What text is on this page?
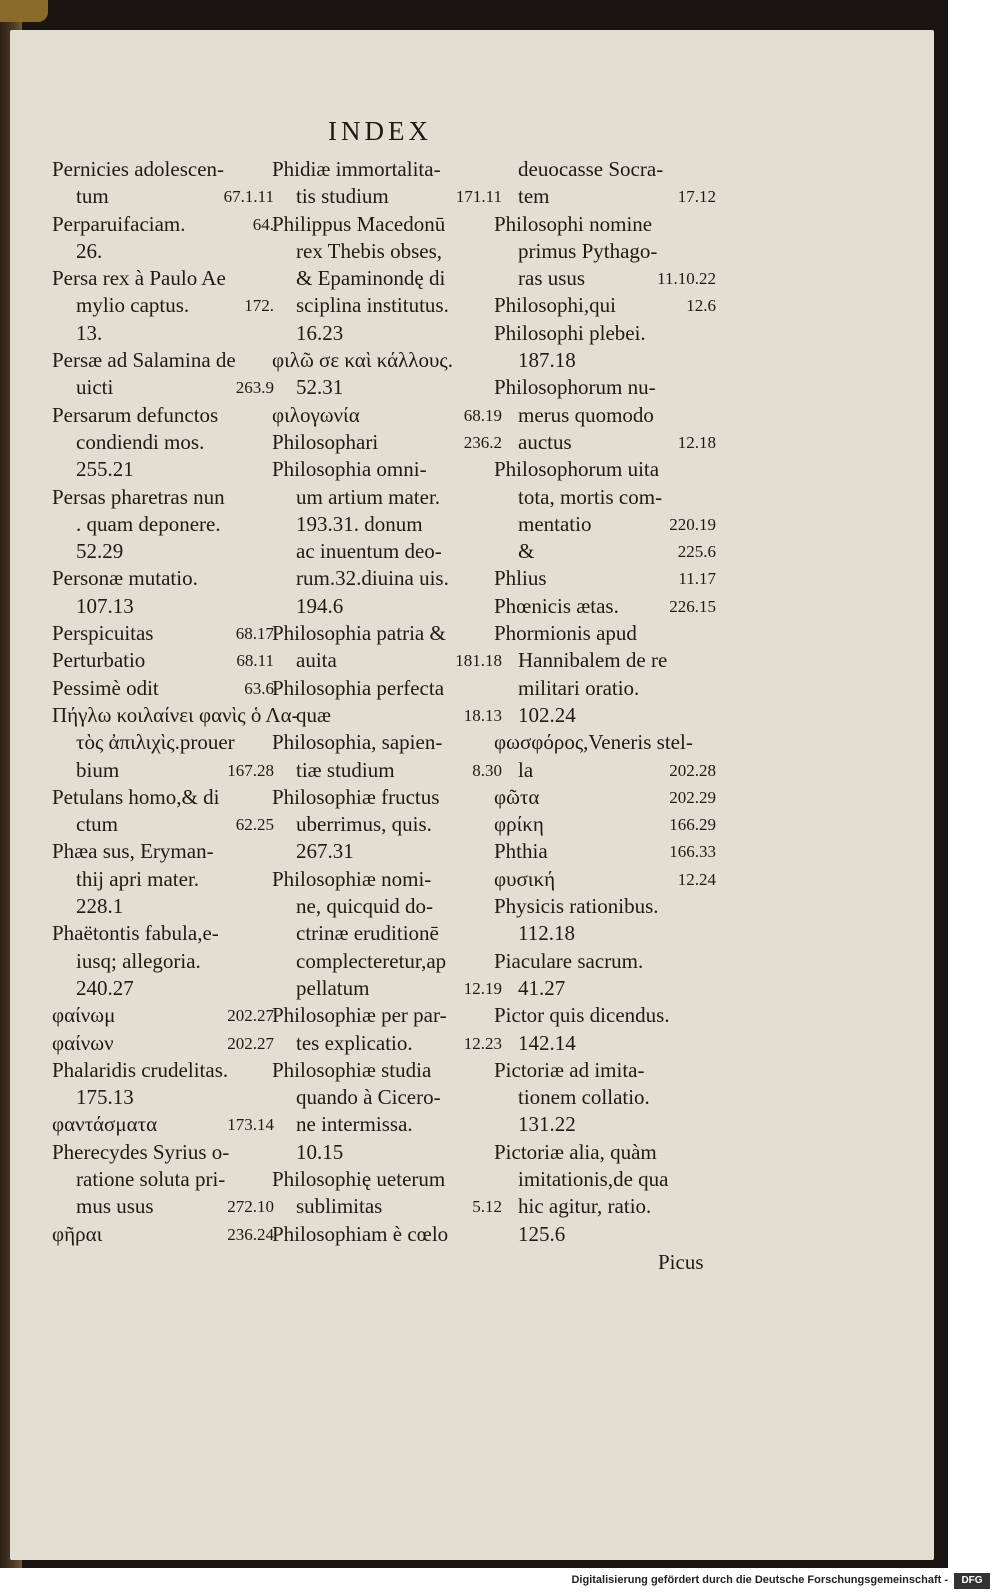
INDEX
Pernicies adolescen-
tum	67.1.11
Perparuifaciam.	64.
26.
Persa rex à Paulo Ae
mylio captus.	172.
13.
Persæ ad Salamina de
uicti	263.9
Persarum defunctos
condiendi mos.
255.21
Persas pharetras nun
. quam deponere.
52.29
Personæ mutatio.
107.13
Perspicuitas	68.17
Perturbatio	68.11
Pessimè odit	63.6
Πήγλω κοιλαίνει φανὶς ὁ Λα-
τὸς ἀπιλιχὶς.prouer
bium	167.28
Petulans homo,& di
ctum	62.25
Phæa sus, Eryman-
thij apri mater.
228.1
Phaëtontis fabula,e-
iusq; allegoria.
240.27
φαίνωμ	202.27
φαίνων	202.27
Phalaridis crudelitas.
175.13
φαντάσματα	173.14
Pherecydes Syrius o-
ratione soluta pri-
mus usus	272.10
φῆραι	236.24
Phidiæ immortalita-
tis studium	171.11
Philippus Macedonū
rex Thebis obses,
& Epaminondę di
sciplina institutus.
16.23
φιλῶ σε καὶ κάλλους.
52.31
φιλογωνία	68.19
Philosophari	236.2
Philosophia omni-
um artium mater.
193.31. donum
ac inuentum deo-
rum.32.diuina uis.
194.6
Philosophia patria &
auita	181.18
Philosophia perfecta
quæ	18.13
Philosophia, sapien-
tiæ studium	8.30
Philosophiæ fructus
uberrimus, quis.
267.31
Philosophiæ nomi-
ne, quicquid do-
ctrinæ eruditionē
complecteretur,ap
pellatum	12.19
Philosophiæ per par-
tes explicatio.	12.23
Philosophiæ studia
quando à Cicero-
ne intermissa.
10.15
Philosophię ueterum
sublimitas	5.12
Philosophiam è cœlo
deuocasse Socra-
tem	17.12
Philosophi nomine
primus Pythago-
ras usus	11.10.22
Philosophi,qui	12.6
Philosophi plebei.
187.18
Philosophorum nu-
merus quomodo
auctus	12.18
Philosophorum uita
tota, mortis com-
mentatio	220.19
&	225.6
Phlius	11.17
Phœnicis ætas.	226.15
Phormionis apud
Hannibalem de re
militari oratio.
102.24
φωσφόρος,Veneris stel-
la	202.28
φῶτα	202.29
φρίκη	166.29
Phthia	166.33
φυσική	12.24
Physicis rationibus.
112.18
Piaculare sacrum.
41.27
Pictor quis dicendus.
142.14
Pictoriæ ad imita-
tionem collatio.
131.22
Pictoriæ alia, quàm
imitationis,de qua
hic agitur, ratio.
125.6
Picus
Digitalisierung gefördert durch die Deutsche Forschungsgemeinschaft -	DFG
